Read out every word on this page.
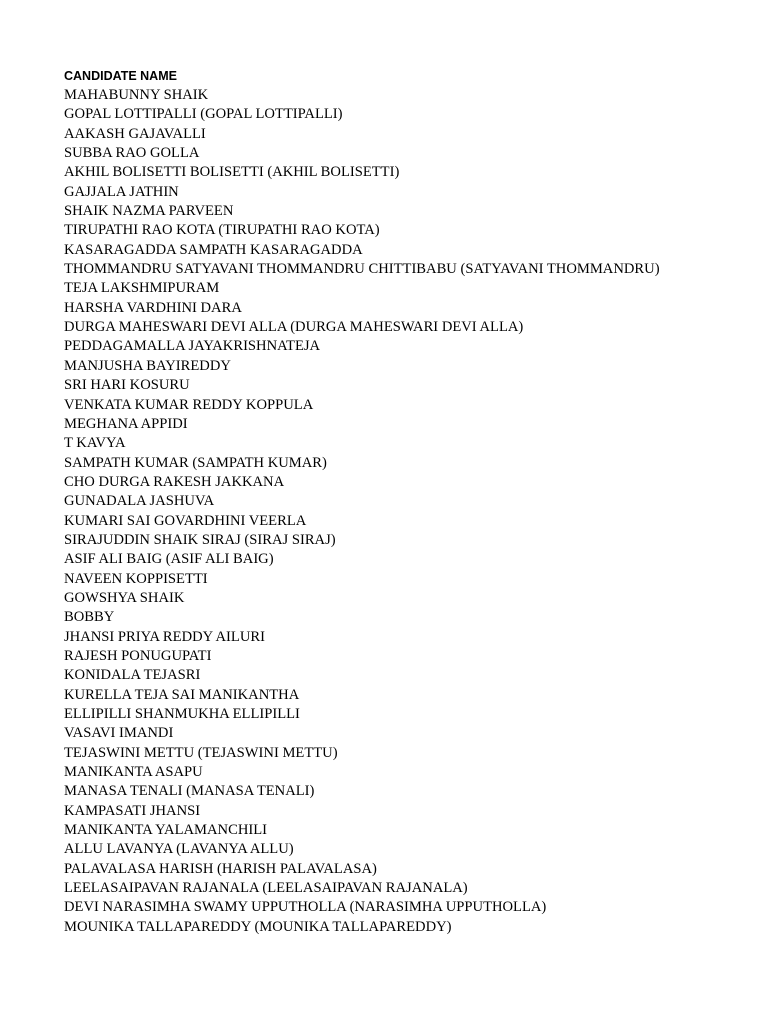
CANDIDATE NAME
MAHABUNNY SHAIK
GOPAL LOTTIPALLI (GOPAL LOTTIPALLI)
AAKASH GAJAVALLI
SUBBA RAO GOLLA
AKHIL BOLISETTI BOLISETTI (AKHIL BOLISETTI)
GAJJALA JATHIN
SHAIK NAZMA PARVEEN
TIRUPATHI RAO KOTA (TIRUPATHI RAO KOTA)
KASARAGADDA SAMPATH KASARAGADDA
THOMMANDRU SATYAVANI THOMMANDRU CHITTIBABU (SATYAVANI THOMMANDRU)
TEJA LAKSHMIPURAM
HARSHA VARDHINI DARA
DURGA MAHESWARI DEVI ALLA (DURGA MAHESWARI DEVI ALLA)
PEDDAGAMALLA JAYAKRISHNATEJA
MANJUSHA BAYIREDDY
SRI HARI KOSURU
VENKATA KUMAR REDDY KOPPULA
MEGHANA APPIDI
T KAVYA
SAMPATH KUMAR (SAMPATH KUMAR)
CHO DURGA RAKESH JAKKANA
GUNADALA JASHUVA
KUMARI SAI GOVARDHINI VEERLA
SIRAJUDDIN SHAIK SIRAJ (SIRAJ SIRAJ)
ASIF ALI BAIG (ASIF ALI BAIG)
NAVEEN KOPPISETTI
GOWSHYA SHAIK
BOBBY
JHANSI PRIYA REDDY AILURI
RAJESH PONUGUPATI
KONIDALA TEJASRI
KURELLA TEJA SAI MANIKANTHA
ELLIPILLI SHANMUKHA ELLIPILLI
VASAVI IMANDI
TEJASWINI METTU (TEJASWINI METTU)
MANIKANTA ASAPU
MANASA TENALI (MANASA TENALI)
KAMPASATI JHANSI
MANIKANTA YALAMANCHILI
ALLU LAVANYA (LAVANYA ALLU)
PALAVALASA HARISH (HARISH PALAVALASA)
LEELASAIPAVAN RAJANALA (LEELASAIPAVAN RAJANALA)
DEVI NARASIMHA SWAMY UPPUTHOLLA (NARASIMHA UPPUTHOLLA)
MOUNIKA TALLAPAREDDY (MOUNIKA TALLAPAREDDY)
